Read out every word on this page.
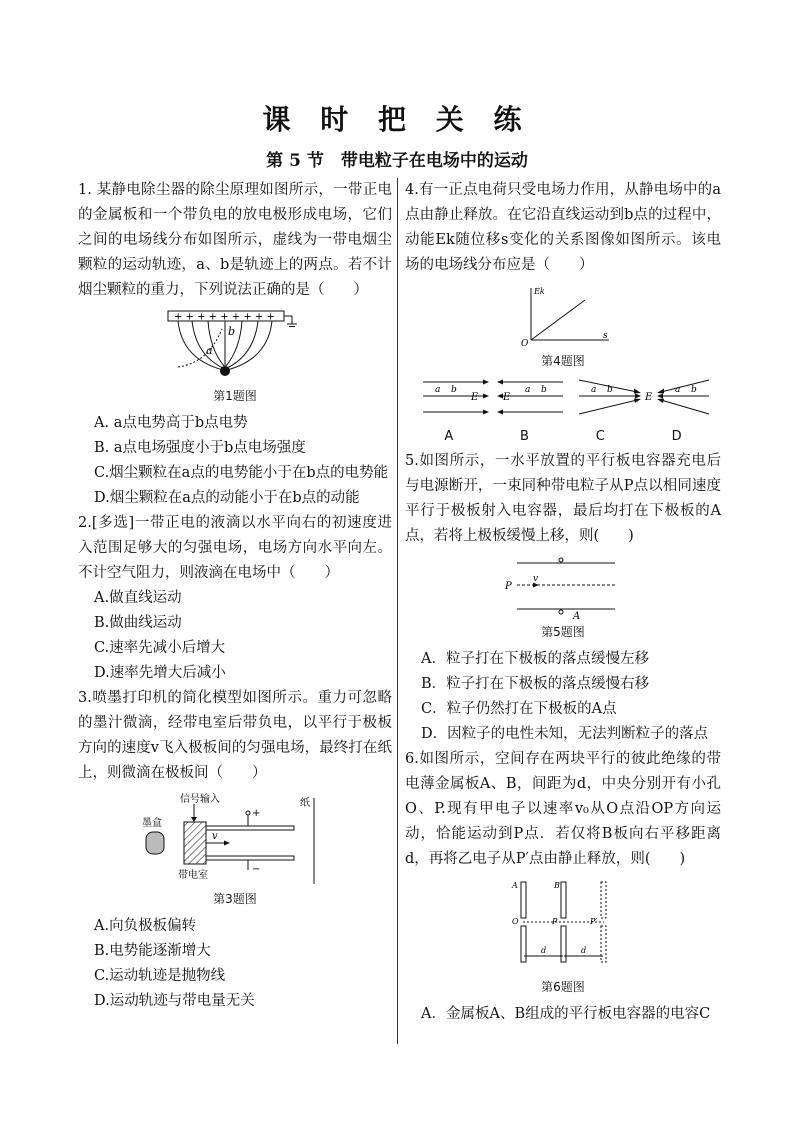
课 时 把 关 练
第 5 节　带电粒子在电场中的运动

1. 某静电除尘器的除尘原理如图所示，一带正电的金属板和一个带负电的放电极形成电场，它们之间的电场线分布如图所示，虚线为一带电烟尘颗粒的运动轨迹，a、b是轨迹上的两点。若不计烟尘颗粒的重力，下列说法正确的是（　　）

+ + + + + + + + +
a
b
第1题图

A. a点电势高于b点电势

B. a点电场强度小于b点电场强度

C.烟尘颗粒在a点的电势能小于在b点的电势能

D.烟尘颗粒在a点的动能小于在b点的动能

2.[多选]一带正电的液滴以水平向右的初速度进入范围足够大的匀强电场，电场方向水平向左。不计空气阻力，则液滴在电场中（　　）

A.做直线运动

B.做曲线运动

C.速率先减小后增大

D.速率先增大后减小

3.喷墨打印机的简化模型如图所示。重力可忽略的墨汁微滴，经带电室后带负电，以平行于极板方向的速度v飞入极板间的匀强电场，最终打在纸上，则微滴在极板间（　　）

信号输入
墨盒
带电室
+
−
v
纸
第3题图

A.向负极板偏转

B.电势能逐渐增大

C.运动轨迹是抛物线

D.运动轨迹与带电量无关

4.有一正点电荷只受电场力作用，从静电场中的a点由静止释放。在它沿直线运动到b点的过程中，动能Ek随位移s变化的关系图像如图所示。该电场的电场线分布应是（　　）

Ek
O
s
第4题图
a b
E E
a b	a b
E
a b
A	B	C	D

5.如图所示，一水平放置的平行板电容器充电后与电源断开，一束同种带电粒子从P点以相同速度平行于极板射入电容器，最后均打在下极板的A点，若将上极板缓慢上移，则(　　)

P
v
A
第5题图

A．粒子打在下极板的落点缓慢左移

B．粒子打在下极板的落点缓慢右移

C．粒子仍然打在下极板的A点

D．因粒子的电性未知，无法判断粒子的落点

6.如图所示，空间存在两块平行的彼此绝缘的带电薄金属板A、B，间距为d，中央分别开有小孔O、P.现有甲电子以速率v₀从O点沿OP方向运动，恰能运动到P点．若仅将B板向右平移距离d，再将乙电子从P′点由静止释放，则(　　)

A	B
O	P	P′
d	d
第6题图

A．金属板A、B组成的平行板电容器的电容C
